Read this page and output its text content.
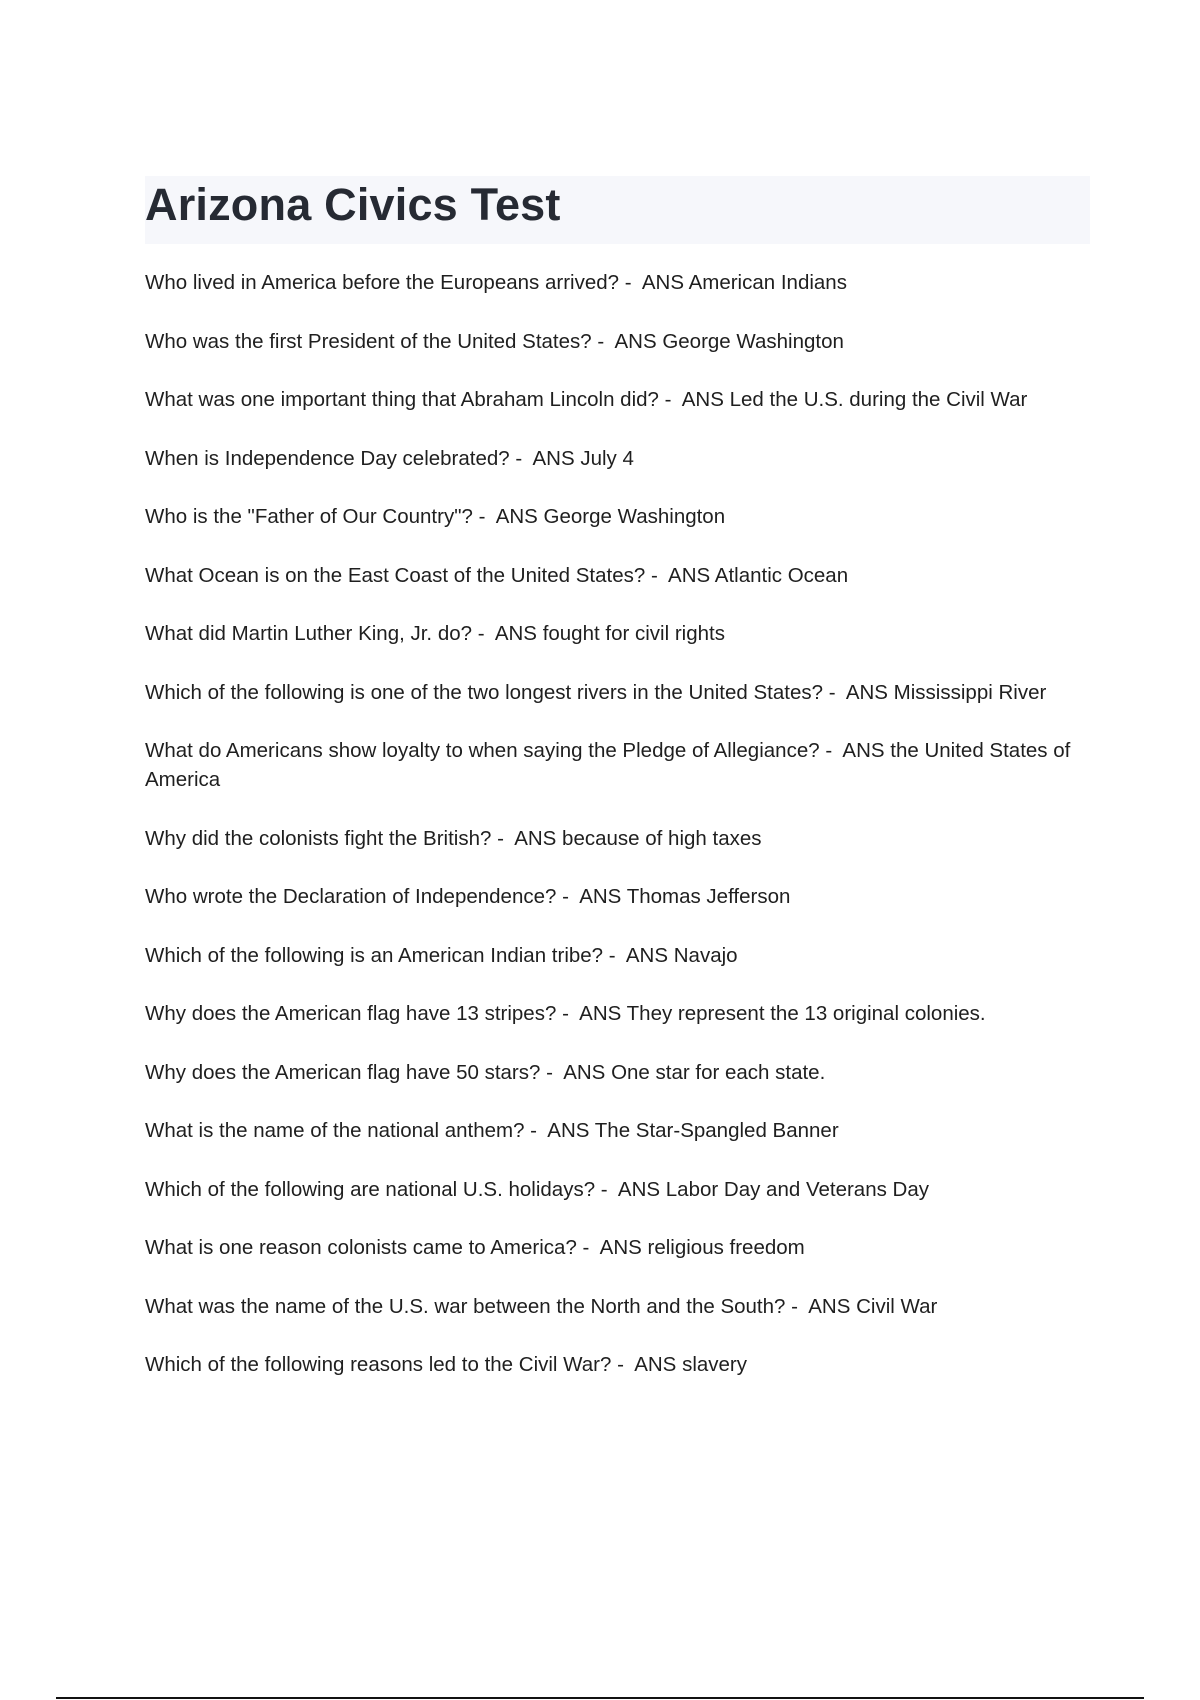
Arizona Civics Test
Who lived in America before the Europeans arrived? -  ANS American Indians
Who was the first President of the United States? -  ANS George Washington
What was one important thing that Abraham Lincoln did? -  ANS Led the U.S. during the Civil War
When is Independence Day celebrated? -  ANS July 4
Who is the "Father of Our Country"? -  ANS George Washington
What Ocean is on the East Coast of the United States? -  ANS Atlantic Ocean
What did Martin Luther King, Jr. do? -  ANS fought for civil rights
Which of the following is one of the two longest rivers in the United States? -  ANS Mississippi River
What do Americans show loyalty to when saying the Pledge of Allegiance? -  ANS the United States of America
Why did the colonists fight the British? -  ANS because of high taxes
Who wrote the Declaration of Independence? -  ANS Thomas Jefferson
Which of the following is an American Indian tribe? -  ANS Navajo
Why does the American flag have 13 stripes? -  ANS They represent the 13 original colonies.
Why does the American flag have 50 stars? -  ANS One star for each state.
What is the name of the national anthem? -  ANS The Star-Spangled Banner
Which of the following are national U.S. holidays? -  ANS Labor Day and Veterans Day
What is one reason colonists came to America? -  ANS religious freedom
What was the name of the U.S. war between the North and the South? -  ANS Civil War
Which of the following reasons led to the Civil War? -  ANS slavery
